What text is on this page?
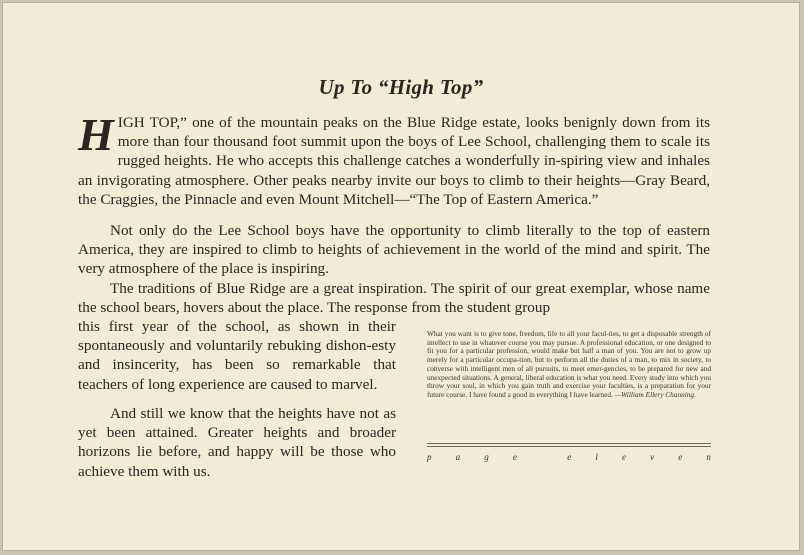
Up To “High Top”

HIGH TOP,” one of the mountain peaks on the Blue Ridge estate, looks benignly down from its more than four thousand foot summit upon the boys of Lee School, challenging them to scale its rugged heights. He who accepts this challenge catches a wonderfully in-spiring view and inhales an invigorating atmosphere. Other peaks nearby invite our boys to climb to their heights—Gray Beard, the Craggies, the Pinnacle and even Mount Mitchell—“The Top of Eastern America.”

Not only do the Lee School boys have the opportunity to climb literally to the top of eastern America, they are inspired to climb to heights of achievement in the world of the mind and spirit. The very atmosphere of the place is inspiring.

The traditions of Blue Ridge are a great inspiration. The spirit of our great exemplar, whose name the school bears, hovers about the place. The response from the student group

this first year of the school, as shown in their spontaneously and voluntarily rebuking dishon-esty and insincerity, has been so remarkable that teachers of long experience are caused to marvel.

And still we know that the heights have not as yet been attained. Greater heights and broader horizons lie before, and happy will be those who achieve them with us.

What you want is to give tone, freedom, life to all your facul-ties, to get a disposable strength of intellect to use in whatever course you may pursue. A professional education, or one designed to fit you for a particular profession, would make but half a man of you. You are not to grow up merely for a particular occupa-tion, but to perform all the duties of a man, to mix in society, to converse with intelligent men of all pursuits, to meet emer-gencies, to be prepared for new and unexpected situations. A general, liberal education is what you need. Every study into which you throw your soul, in which you gain truth and exercise your faculties, is a preparation for your future course. I have found a good in everything I have learned. —William Ellery Channing.

p	a	g	e
	e	l	e	v	e	n
